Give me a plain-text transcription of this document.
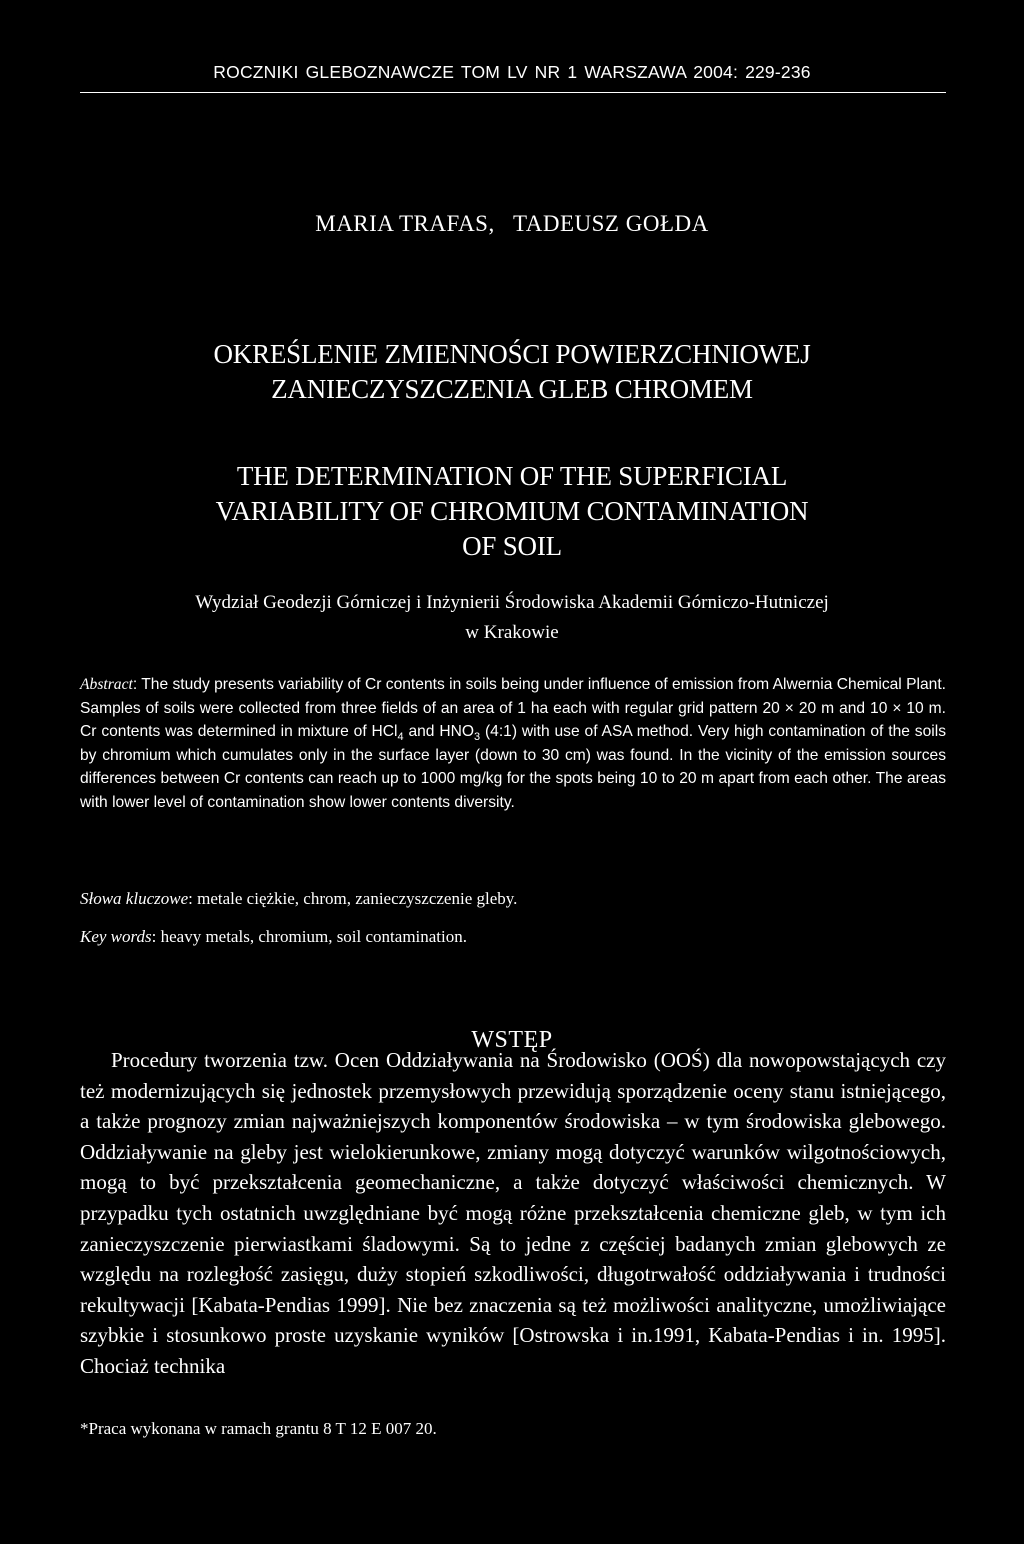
ROCZNIKI GLEBOZNAWCZE TOM LV NR 1 WARSZAWA 2004: 229-236
MARIA TRAFAS,   TADEUSZ GOŁDA
OKREŚLENIE ZMIENNOŚCI POWIERZCHNIOWEJ
ZANIECZYSZCZENIA GLEB CHROMEM
THE DETERMINATION OF THE SUPERFICIAL
VARIABILITY OF CHROMIUM CONTAMINATION
OF SOIL
Wydział Geodezji Górniczej i Inżynierii Środowiska Akademii Górniczo-Hutniczej
w Krakowie
Abstract: The study presents variability of Cr contents in soils being under influence of emission from Alwernia Chemical Plant. Samples of soils were collected from three fields of an area of 1 ha each with regular grid pattern 20 × 20 m and 10 × 10 m. Cr contents was determined in mixture of HCl$_4$ and $HNO_3$ (4:1) with use of ASA method. Very high contamination of the soils by chromium which cumulates only in the surface layer (down to 30 cm) was found. In the vicinity of the emission sources differences between Cr contents can reach up to 1000 mg/kg for the spots being 10 to 20 m apart from each other. The areas with lower level of contamination show lower contents diversity.
Słowa kluczowe: metale ciężkie, chrom, zanieczyszczenie gleby.
Key words: heavy metals, chromium, soil contamination.
WSTĘP
Procedury tworzenia tzw. Ocen Oddziaływania na Środowisko (OOŚ) dla nowopowstających czy też modernizujących się jednostek przemysłowych przewidują sporządzenie oceny stanu istniejącego, a także prognozy zmian najważniejszych komponentów środowiska – w tym środowiska glebowego. Oddziaływanie na gleby jest wielokierunkowe, zmiany mogą dotyczyć warunków wilgotnościowych, mogą to być przekształcenia geomechaniczne, a także dotyczyć właściwości chemicznych. W przypadku tych ostatnich uwzględniane być mogą różne przekształcenia chemiczne gleb, w tym ich zanieczyszczenie pierwiastkami śladowymi. Są to jedne z częściej badanych zmian glebowych ze względu na rozległość zasięgu, duży stopień szkodliwości, długotrwałość oddziaływania i trudności rekultywacji [Kabata-Pendias 1999]. Nie bez znaczenia są też możliwości analityczne, umożliwiające szybkie i stosunkowo proste uzyskanie wyników [Ostrowska i in.1991, Kabata-Pendias i in. 1995]. Chociaż technika
*Praca wykonana w ramach grantu 8 T 12 E 007 20.
